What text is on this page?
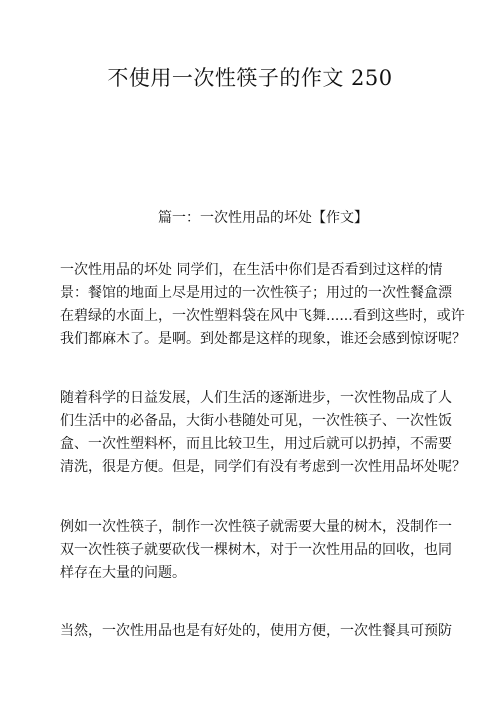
不使用一次性筷子的作文 250
篇一：一次性用品的坏处【作文】
一次性用品的坏处 同学们，在生活中你们是否看到过这样的情
景：餐馆的地面上尽是用过的一次性筷子；用过的一次性餐盒漂
在碧绿的水面上，一次性塑料袋在风中飞舞......看到这些时，或许
我们都麻木了。是啊。到处都是这样的现象，谁还会感到惊讶呢？
随着科学的日益发展，人们生活的逐渐进步，一次性物品成了人
们生活中的必备品，大街小巷随处可见，一次性筷子、一次性饭
盒、一次性塑料杯，而且比较卫生，用过后就可以扔掉，不需要
清洗，很是方便。但是，同学们有没有考虑到一次性用品坏处呢？
例如一次性筷子，制作一次性筷子就需要大量的树木，没制作一
双一次性筷子就要砍伐一棵树木，对于一次性用品的回收，也同
样存在大量的问题。
当然，一次性用品也是有好处的，使用方便，一次性餐具可预防
